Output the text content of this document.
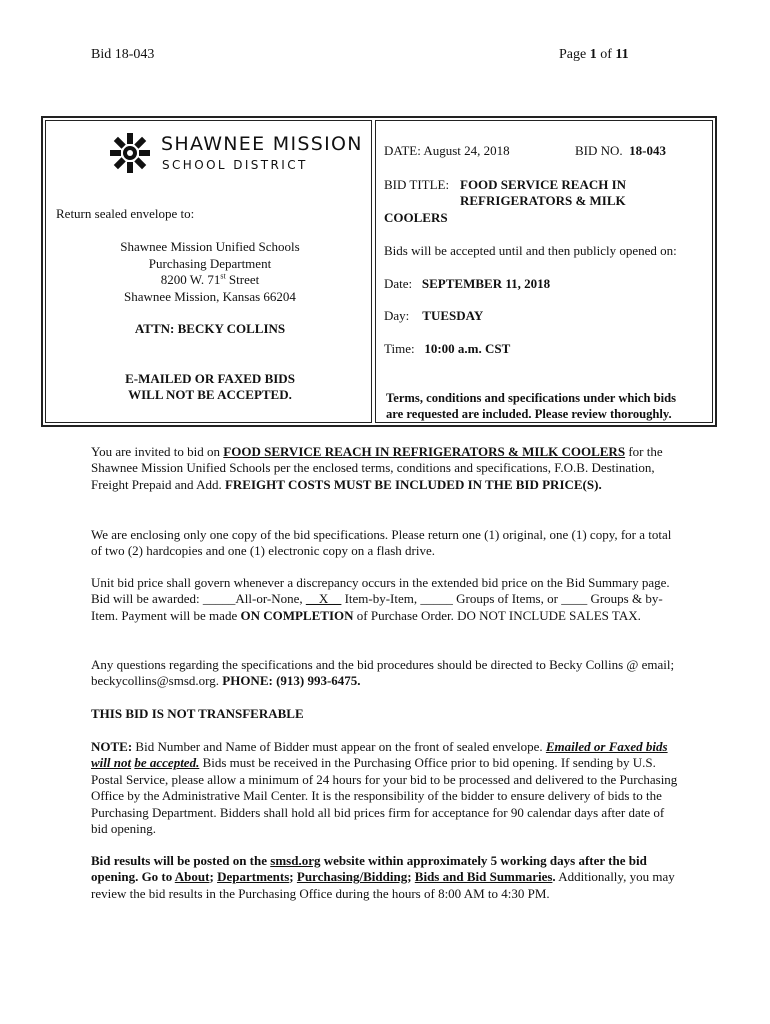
Bid 18-043	Page 1 of 11
SHAWNEE MISSION
SCHOOL DISTRICT
Return sealed envelope to:
Shawnee Mission Unified Schools
Purchasing Department
8200 W. 71st Street
Shawnee Mission, Kansas 66204
ATTN: BECKY COLLINS
E-MAILED OR FAXED BIDS
WILL NOT BE ACCEPTED.
DATE: August 24, 2018	BID NO. 18-043
BID TITLE: FOOD SERVICE REACH IN
REFRIGERATORS & MILK
COOLERS
Bids will be accepted until and then publicly opened on:
Date: SEPTEMBER 11, 2018
Day: TUESDAY
Time: 10:00 a.m. CST
Terms, conditions and specifications under which bids
are requested are included. Please review thoroughly.
You are invited to bid on FOOD SERVICE REACH IN REFRIGERATORS & MILK COOLERS for the Shawnee Mission Unified Schools per the enclosed terms, conditions and specifications, F.O.B. Destination, Freight Prepaid and Add. FREIGHT COSTS MUST BE INCLUDED IN THE BID PRICE(S).
We are enclosing only one copy of the bid specifications. Please return one (1) original, one (1) copy, for a total of two (2) hardcopies and one (1) electronic copy on a flash drive.
Unit bid price shall govern whenever a discrepancy occurs in the extended bid price on the Bid Summary page. Bid will be awarded: _____All-or-None, __X__ Item-by-Item, _____ Groups of Items, or ____ Groups & by-Item. Payment will be made ON COMPLETION of Purchase Order. DO NOT INCLUDE SALES TAX.
Any questions regarding the specifications and the bid procedures should be directed to Becky Collins @ email; beckycollins@smsd.org. PHONE: (913) 993-6475.
THIS BID IS NOT TRANSFERABLE
NOTE: Bid Number and Name of Bidder must appear on the front of sealed envelope. Emailed or Faxed bids will not be accepted. Bids must be received in the Purchasing Office prior to bid opening. If sending by U.S. Postal Service, please allow a minimum of 24 hours for your bid to be processed and delivered to the Purchasing Office by the Administrative Mail Center. It is the responsibility of the bidder to ensure delivery of bids to the Purchasing Department. Bidders shall hold all bid prices firm for acceptance for 90 calendar days after date of bid opening.
Bid results will be posted on the smsd.org website within approximately 5 working days after the bid opening. Go to About; Departments; Purchasing/Bidding; Bids and Bid Summaries. Additionally, you may review the bid results in the Purchasing Office during the hours of 8:00 AM to 4:30 PM.
